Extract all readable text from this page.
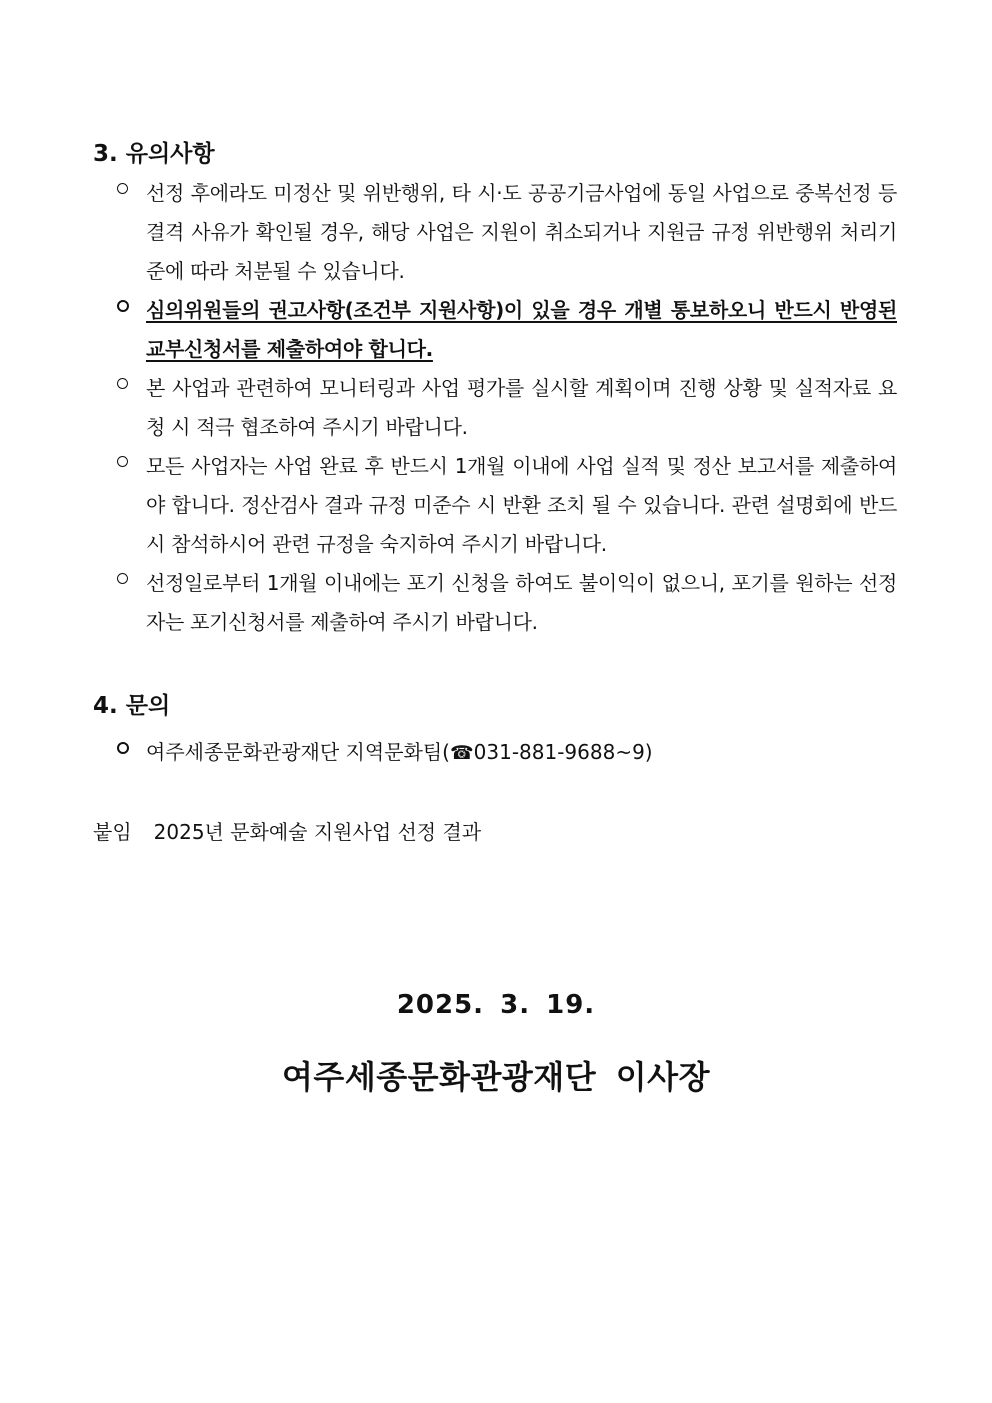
3. 유의사항
선정 후에라도 미정산 및 위반행위, 타 시·도 공공기금사업에 동일 사업으로 중복선정 등 결격 사유가 확인될 경우, 해당 사업은 지원이 취소되거나 지원금 규정 위반행위 처리기준에 따라 처분될 수 있습니다.
심의위원들의 권고사항(조건부 지원사항)이 있을 경우 개별 통보하오니 반드시 반영된 교부신청서를 제출하여야 합니다.
본 사업과 관련하여 모니터링과 사업 평가를 실시할 계획이며 진행 상황 및 실적자료 요청 시 적극 협조하여 주시기 바랍니다.
모든 사업자는 사업 완료 후 반드시 1개월 이내에 사업 실적 및 정산 보고서를 제출하여야 합니다. 정산검사 결과 규정 미준수 시 반환 조치 될 수 있습니다. 관련 설명회에 반드시 참석하시어 관련 규정을 숙지하여 주시기 바랍니다.
선정일로부터 1개월 이내에는 포기 신청을 하여도 불이익이 없으니, 포기를 원하는 선정자는 포기신청서를 제출하여 주시기 바랍니다.
4. 문의
여주세종문화관광재단 지역문화팀(☎031-881-9688~9)
붙임 2025년 문화예술 지원사업 선정 결과
2025. 3. 19.
여주세종문화관광재단 이사장
